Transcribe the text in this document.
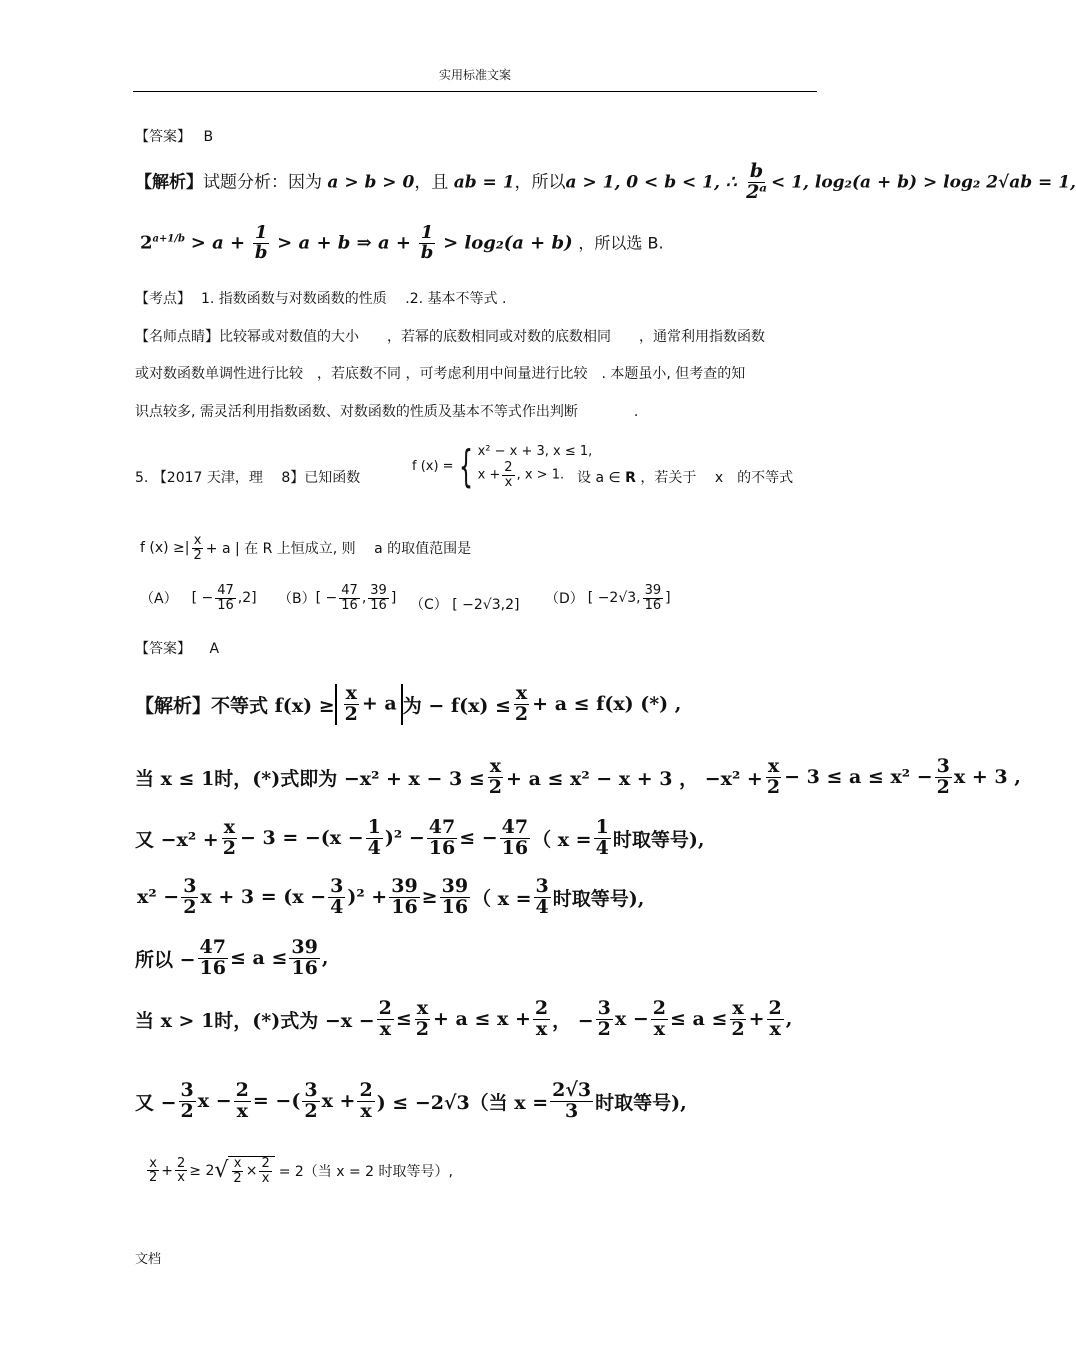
实用标准文案
【答案】 B
【解析】试题分析：因为 a > b > 0，且 ab = 1，所以a > 1, 0 < b < 1, ∴ $\frac{b}{\text{2ᵃ}} < 1$, log₂(a + b) > log₂ 2√ab = 1,
$2^{a+1/b} > a + \frac{1}{b} > a + b$ ⇒ $a + \frac{1}{b} > \log_2(a + b)$ ，所以选 B.
【考点】 1. 指数函数与对数函数的性质　 .2. 基本不等式 .
【名师点睛】比较幂或对数值的大小　　，若幂的底数相同或对数的底数相同　　，通常利用指数函数
或对数函数单调性进行比较　，若底数不同 ，可考虑利用中间量进行比较　. 本题虽小, 但考查的知
识点较多, 需灵活利用指数函数、对数函数的性质及基本不等式作出判断　　　　.
5. 【2017 天津，理　 8】已知函数
f (x) = { x² − x + 3, x ≤ 1,
$x + \frac{2}{x}$ , x > 1. 设 a ∈ R ，若关于　 x　的不等式
f (x) ≥| $\frac{x}{2} + a$ | 在 R 上恒成立, 则　 a 的取值范围是
（A） [ − $\frac{47}{16} ,2$] （B） [ − $\frac{47}{16}$ , $\frac{39}{16}$ ] （C） [ −2√3,2] （D） [ −2√3, $\frac{39}{16}$ ]
【答案】 A
【解析】 不等式 $f(x) \ge \frac{x}{2} + a$ 为 − $f(x) \le \frac{x}{2} + a \le f(x)$ (*) ,
当 x ≤ 1时，(*)式即为 $-x^2 + x - 3 \le \frac{x}{2} + a \le x^2 - x + 3$ ， $-x^2 + \frac{x}{2} - 3 \le a \le x^2 - \frac{3}{2}$ x + 3 ,
又 $-x^2 + \frac{x}{2} - 3 = -(x - \frac{1}{4} )^2 - \frac{47}{16}$ ≤ − $\frac{47}{16}$ （ $x = \frac{1}{4}$ 时取等号),
$x^2 - \frac{3}{2}$ $x + 3 = (x - \frac{3}{4} )^2 + \frac{39}{16} \ge \frac{39}{16}$ （ $x = \frac{3}{4}$ 时取等号),
所以 − $\frac{47}{16} \le a \le \frac{39}{16}$ ,
当 x > 1时，(*)式为 $-x - \frac{2}{x} \le \frac{x}{2} + a \le x + \frac{2}{x}$ ， − $\frac{3}{2}$ $x - \frac{2}{x} \le a \le \frac{x}{2} + \frac{2}{x}$ ,
又 − $\frac{3}{2}$ $x - \frac{2}{x}$ = −( $\frac{3}{2}$ $x + \frac{2}{x}$ ) ≤ −2√3（当 $x = \frac{2√3}{3}$ 时取等号),
$\frac{x}{2} + \frac{2}{x} \ge 2$ √ $\frac{x}{2} \times \frac{2}{x} = 2$（当 x = 2 时取等号）,
文档
